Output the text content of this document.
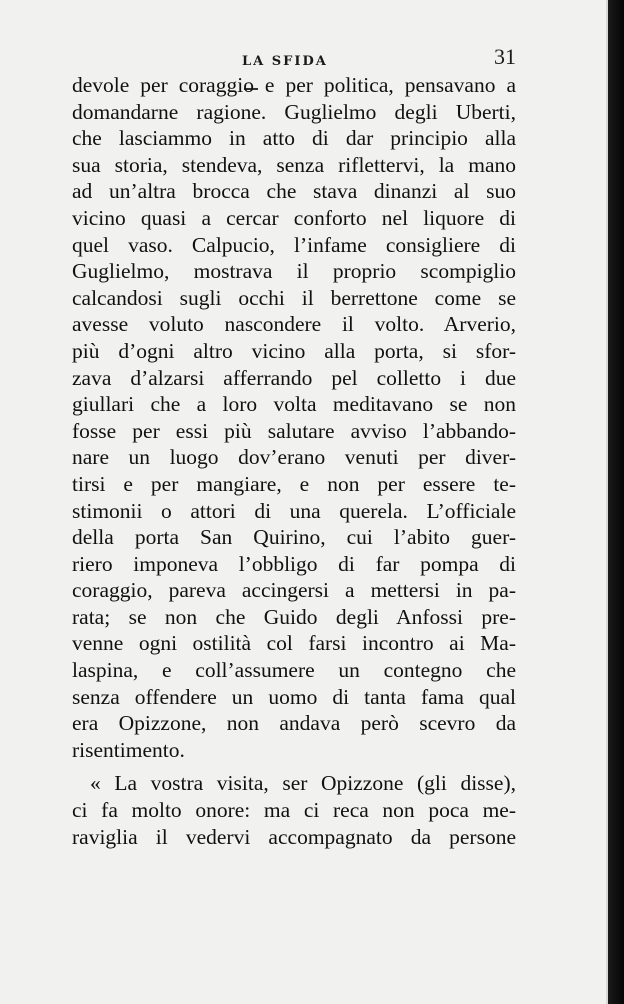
LA SFIDA	31
devole per coraggio e per politica, pensavano a
domandarne ragione. Guglielmo degli Uberti,
che lasciammo in atto di dar principio alla
sua storia, stendeva, senza riflettervi, la mano
ad un’altra brocca che stava dinanzi al suo
vicino quasi a cercar conforto nel liquore di
quel vaso. Calpucio, l’infame consigliere di
Guglielmo, mostrava il proprio scompiglio
calcandosi sugli occhi il berrettone come se
avesse voluto nascondere il volto. Arverio,
più d’ogni altro vicino alla porta, si sfor-
zava d’alzarsi afferrando pel colletto i due
giullari che a loro volta meditavano se non
fosse per essi più salutare avviso l’abbando-
nare un luogo dov’erano venuti per diver-
tirsi e per mangiare, e non per essere te-
stimonii o attori di una querela. L’officiale
della porta San Quirino, cui l’abito guer-
riero imponeva l’obbligo di far pompa di
coraggio, pareva accingersi a mettersi in pa-
rata; se non che Guido degli Anfossi pre-
venne ogni ostilità col farsi incontro ai Ma-
laspina, e coll’assumere un contegno che
senza offendere un uomo di tanta fama qual
era Opizzone, non andava però scevro da
risentimento.
« La vostra visita, ser Opizzone (gli disse),
ci fa molto onore: ma ci reca non poca me-
raviglia il vedervi accompagnato da persone
